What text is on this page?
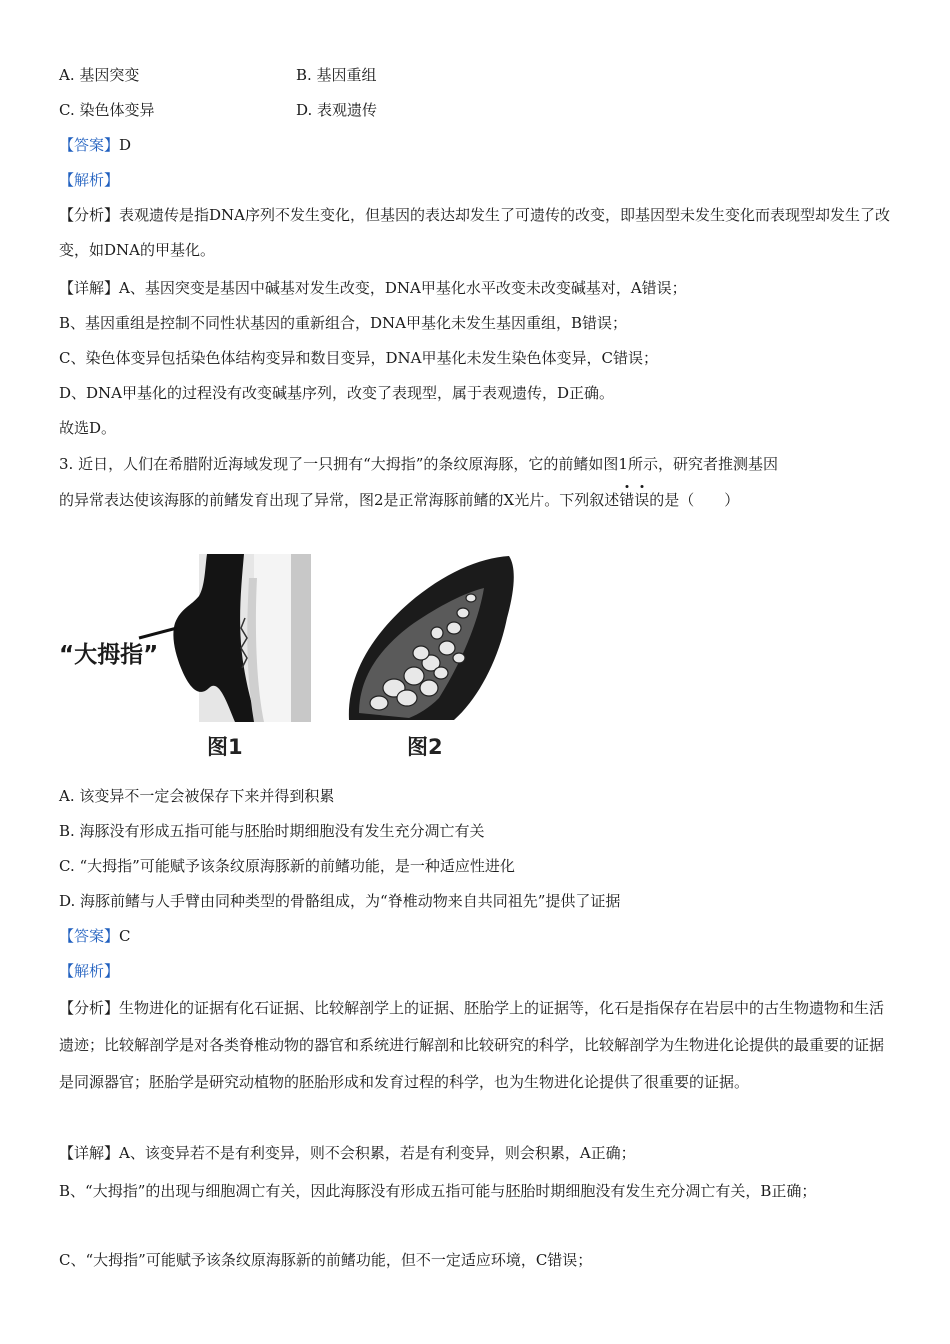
A. 基因突变	B. 基因重组
C. 染色体变异	D. 表观遗传
【答案】D
【解析】
【分析】表观遗传是指DNA序列不发生变化，但基因的表达却发生了可遗传的改变，即基因型未发生变化而表现型却发生了改变，如DNA的甲基化。
【详解】A、基因突变是基因中碱基对发生改变，DNA甲基化水平改变未改变碱基对，A错误；
B、基因重组是控制不同性状基因的重新组合，DNA甲基化未发生基因重组，B错误；
C、染色体变异包括染色体结构变异和数目变异，DNA甲基化未发生染色体变异，C错误；
D、DNA甲基化的过程没有改变碱基序列，改变了表现型，属于表观遗传，D正确。
故选D。
3. 近日，人们在希腊附近海域发现了一只拥有“大拇指”的条纹原海豚，它的前鳍如图1所示，研究者推测基因
的异常表达使该海豚的前鳍发育出现了异常，图2是正常海豚前鳍的X光片。下列叙述错误的是（　　）
“大拇指”
图1	图2
A. 该变异不一定会被保存下来并得到积累
B. 海豚没有形成五指可能与胚胎时期细胞没有发生充分凋亡有关
C. “大拇指”可能赋予该条纹原海豚新的前鳍功能，是一种适应性进化
D. 海豚前鳍与人手臂由同种类型的骨骼组成，为“脊椎动物来自共同祖先”提供了证据
【答案】C
【解析】
【分析】生物进化的证据有化石证据、比较解剖学上的证据、胚胎学上的证据等，化石是指保存在岩层中的古生物遗物和生活遗迹；比较解剖学是对各类脊椎动物的器官和系统进行解剖和比较研究的科学，比较解剖学为生物进化论提供的最重要的证据是同源器官；胚胎学是研究动植物的胚胎形成和发育过程的科学，也为生物进化论提供了很重要的证据。
【详解】A、该变异若不是有利变异，则不会积累，若是有利变异，则会积累，A正确；
B、“大拇指”的出现与细胞凋亡有关，因此海豚没有形成五指可能与胚胎时期细胞没有发生充分凋亡有关，B正确；
C、“大拇指”可能赋予该条纹原海豚新的前鳍功能，但不一定适应环境，C错误；
